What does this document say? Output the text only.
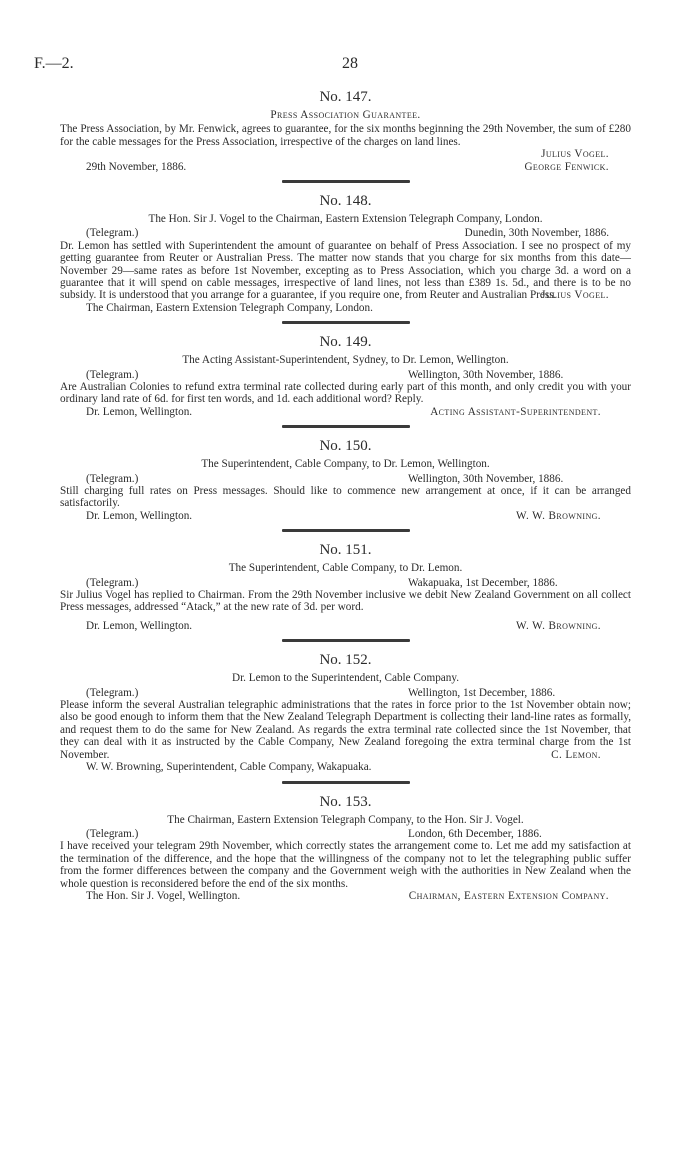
F.—2.	28
No. 147.
Press Association Guarantee.

The Press Association, by Mr. Fenwick, agrees to guarantee, for the six months beginning the 29th November, the sum of £280 for the cable messages for the Press Association, irrespective of the charges on land lines.

Julius Vogel.

29th November, 1886.	George Fenwick.
No. 148.
The Hon. Sir J. Vogel to the Chairman, Eastern Extension Telegraph Company, London.
(Telegram.)	Dunedin, 30th November, 1886.

Dr. Lemon has settled with Superintendent the amount of guarantee on behalf of Press Association. I see no prospect of my getting guarantee from Reuter or Australian Press. The matter now stands that you charge for six months from this date—November 29—same rates as before 1st November, excepting as to Press Association, which you charge 3d. a word on a guarantee that it will spend on cable messages, irrespective of land lines, not less than £389 1s. 5d., and there is to be no subsidy. It is understood that you arrange for a guarantee, if you require one, from Reuter and Australian Press.

Julius Vogel.

The Chairman, Eastern Extension Telegraph Company, London.

No. 149.
The Acting Assistant-Superintendent, Sydney, to Dr. Lemon, Wellington.
(Telegram.)	Wellington, 30th November, 1886.

Are Australian Colonies to refund extra terminal rate collected during early part of this month, and only credit you with your ordinary land rate of 6d. for first ten words, and 1d. each additional word? Reply.

Dr. Lemon, Wellington.	Acting Assistant-Superintendent.
No. 150.
The Superintendent, Cable Company, to Dr. Lemon, Wellington.
(Telegram.)	Wellington, 30th November, 1886.

Still charging full rates on Press messages. Should like to commence new arrangement at once, if it can be arranged satisfactorily.

Dr. Lemon, Wellington.	W. W. Browning.
No. 151.
The Superintendent, Cable Company, to Dr. Lemon.
(Telegram.)	Wakapuaka, 1st December, 1886.

Sir Julius Vogel has replied to Chairman. From the 29th November inclusive we debit New Zealand Government on all collect Press messages, addressed “Atack,” at the new rate of 3d. per word.

Dr. Lemon, Wellington.	W. W. Browning.
No. 152.
Dr. Lemon to the Superintendent, Cable Company.
(Telegram.)	Wellington, 1st December, 1886.

Please inform the several Australian telegraphic administrations that the rates in force prior to the 1st November obtain now; also be good enough to inform them that the New Zealand Telegraph Department is collecting their land-line rates as formally, and request them to do the same for New Zealand. As regards the extra terminal rate collected since the 1st November, that they can deal with it as instructed by the Cable Company, New Zealand foregoing the extra terminal charge from the 1st November.	C. Lemon.

W. W. Browning, Superintendent, Cable Company, Wakapuaka.

No. 153.
The Chairman, Eastern Extension Telegraph Company, to the Hon. Sir J. Vogel.
(Telegram.)	London, 6th December, 1886.

I have received your telegram 29th November, which correctly states the arrangement come to. Let me add my satisfaction at the termination of the difference, and the hope that the willingness of the company not to let the telegraphing public suffer from the former differences between the company and the Government weigh with the authorities in New Zealand when the whole question is reconsidered before the end of the six months.

The Hon. Sir J. Vogel, Wellington.	Chairman, Eastern Extension Company.
